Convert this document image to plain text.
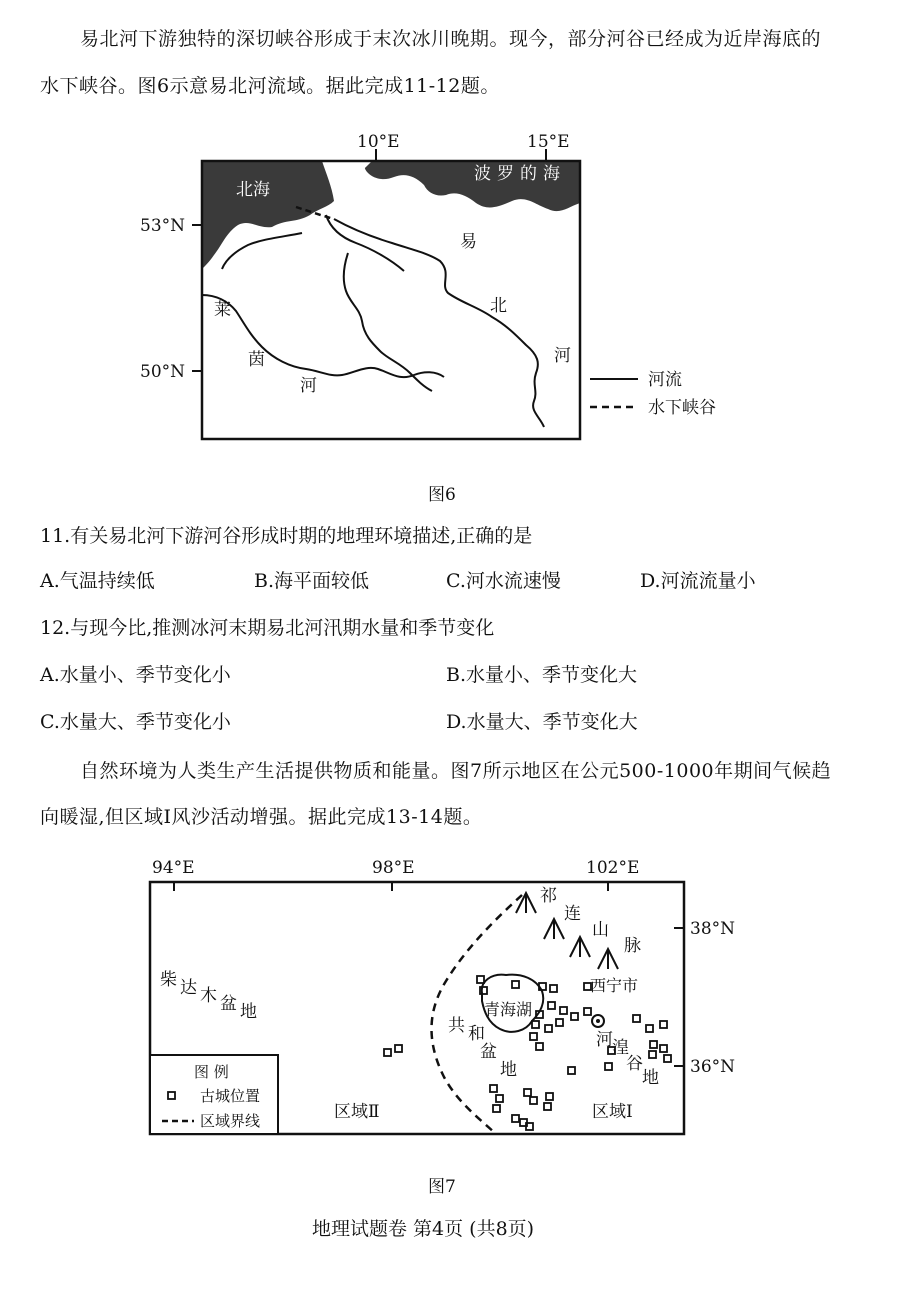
易北河下游独特的深切峡谷形成于末次冰川晚期。现今，部分河谷已经成为近岸海底的
水下峡谷。图6示意易北河流域。据此完成11-12题。
10°E	15°E
53°N
50°N
北海
波罗的海
易
北
河
莱
茵
河	河流
水下峡谷
图6
11.有关易北河下游河谷形成时期的地理环境描述,正确的是
A.气温持续低	B.海平面较低	C.河水流速慢	D.河流流量小
12.与现今比,推测冰河末期易北河汛期水量和季节变化
A.水量小、季节变化小	B.水量小、季节变化大
C.水量大、季节变化小	D.水量大、季节变化大
自然环境为人类生产生活提供物质和能量。图7所示地区在公元500-1000年期间气候趋
向暖湿,但区域Ⅰ风沙活动增强。据此完成13-14题。
94°E	98°E	102°E
38°N
36°N
祁
连
山
脉
柴 达 木 盆 地	青海湖
西宁市
共 和
盆
地
河 湟
谷
地
区域Ⅰ
区域Ⅱ
图 例
古城位置
区域界线
图7
地理试题卷 第4页 (共8页)
